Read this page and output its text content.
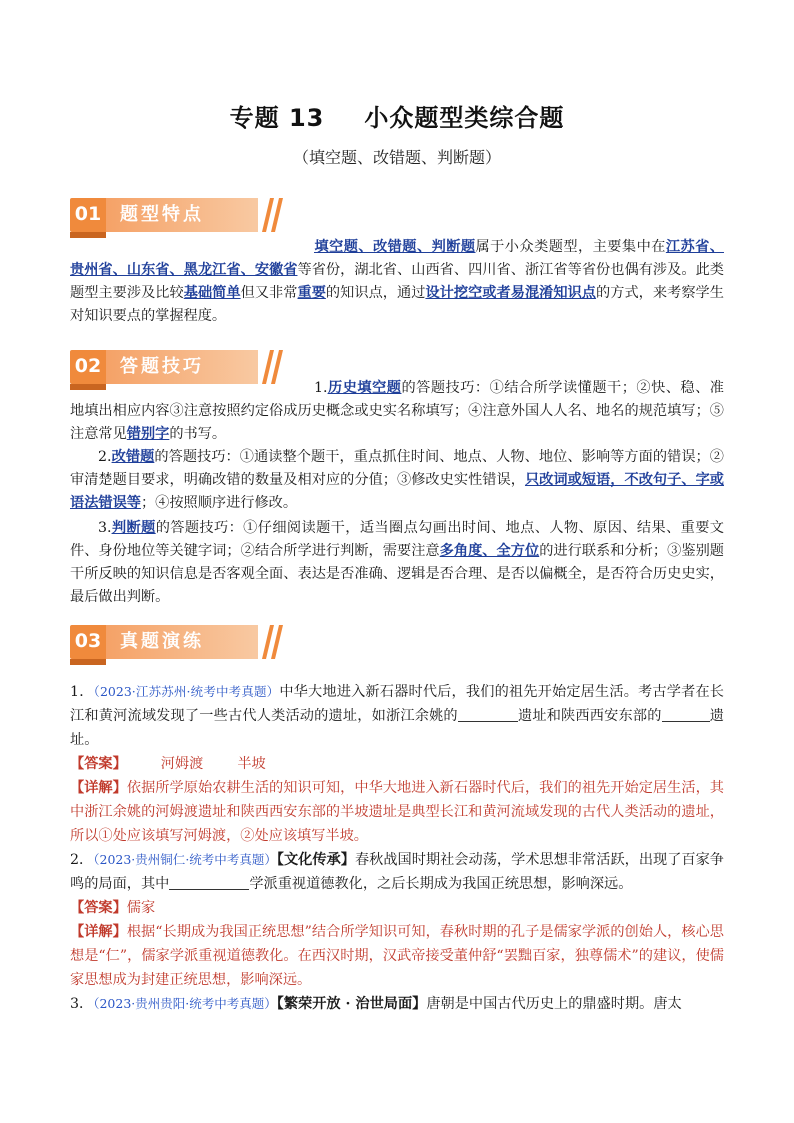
专题 13 小众题型类综合题
（填空题、改错题、判断题）
01 题型特点
填空题、改错题、判断题属于小众类题型，主要集中在江苏省、贵州省、山东省、黑龙江省、安徽省等省份，湖北省、山西省、四川省、浙江省等省份也偶有涉及。此类题型主要涉及比较基础简单但又非常重要的知识点，通过设计挖空或者易混淆知识点的方式，来考察学生对知识要点的掌握程度。
02 答题技巧
1.历史填空题的答题技巧：①结合所学读懂题干；②快、稳、准地填出相应内容③注意按照约定俗成历史概念或史实名称填写；④注意外国人人名、地名的规范填写；⑤注意常见错别字的书写。
2.改错题的答题技巧：①通读整个题干，重点抓住时间、地点、人物、地位、影响等方面的错误；②审清楚题目要求，明确改错的数量及相对应的分值；③修改史实性错误，只改词或短语，不改句子、字或语法错误等；④按照顺序进行修改。
3.判断题的答题技巧：①仔细阅读题干，适当圈点勾画出时间、地点、人物、原因、结果、重要文件、身份地位等关键字词；②结合所学进行判断，需要注意多角度、全方位的进行联系和分析；③鉴别题干所反映的知识信息是否客观全面、表达是否准确、逻辑是否合理、是否以偏概全，是否符合历史史实，最后做出判断。
03 真题演练
1．（2023·江苏苏州·统考中考真题）中华大地进入新石器时代后，我们的祖先开始定居生活。考古学者在长江和黄河流域发现了一些古代人类活动的遗址，如浙江余姚的	遗址和陕西西安东部的	遗址。
【答案】 河姆渡 半坡
【详解】依据所学原始农耕生活的知识可知，中华大地进入新石器时代后，我们的祖先开始定居生活，其中浙江余姚的河姆渡遗址和陕西西安东部的半坡遗址是典型长江和黄河流域发现的古代人类活动的遗址，所以①处应该填写河姆渡，②处应该填写半坡。
2．（2023·贵州铜仁·统考中考真题）【文化传承】春秋战国时期社会动荡，学术思想非常活跃，出现了百家争鸣的局面，其中	学派重视道德教化，之后长期成为我国正统思想，影响深远。
【答案】儒家
【详解】根据“长期成为我国正统思想”结合所学知识可知，春秋时期的孔子是儒家学派的创始人，核心思想是“仁”，儒家学派重视道德教化。在西汉时期，汉武帝接受董仲舒“罢黜百家，独尊儒术”的建议，使儒家思想成为封建正统思想，影响深远。
3．（2023·贵州贵阳·统考中考真题）【繁荣开放 · 治世局面】唐朝是中国古代历史上的鼎盛时期。唐太
